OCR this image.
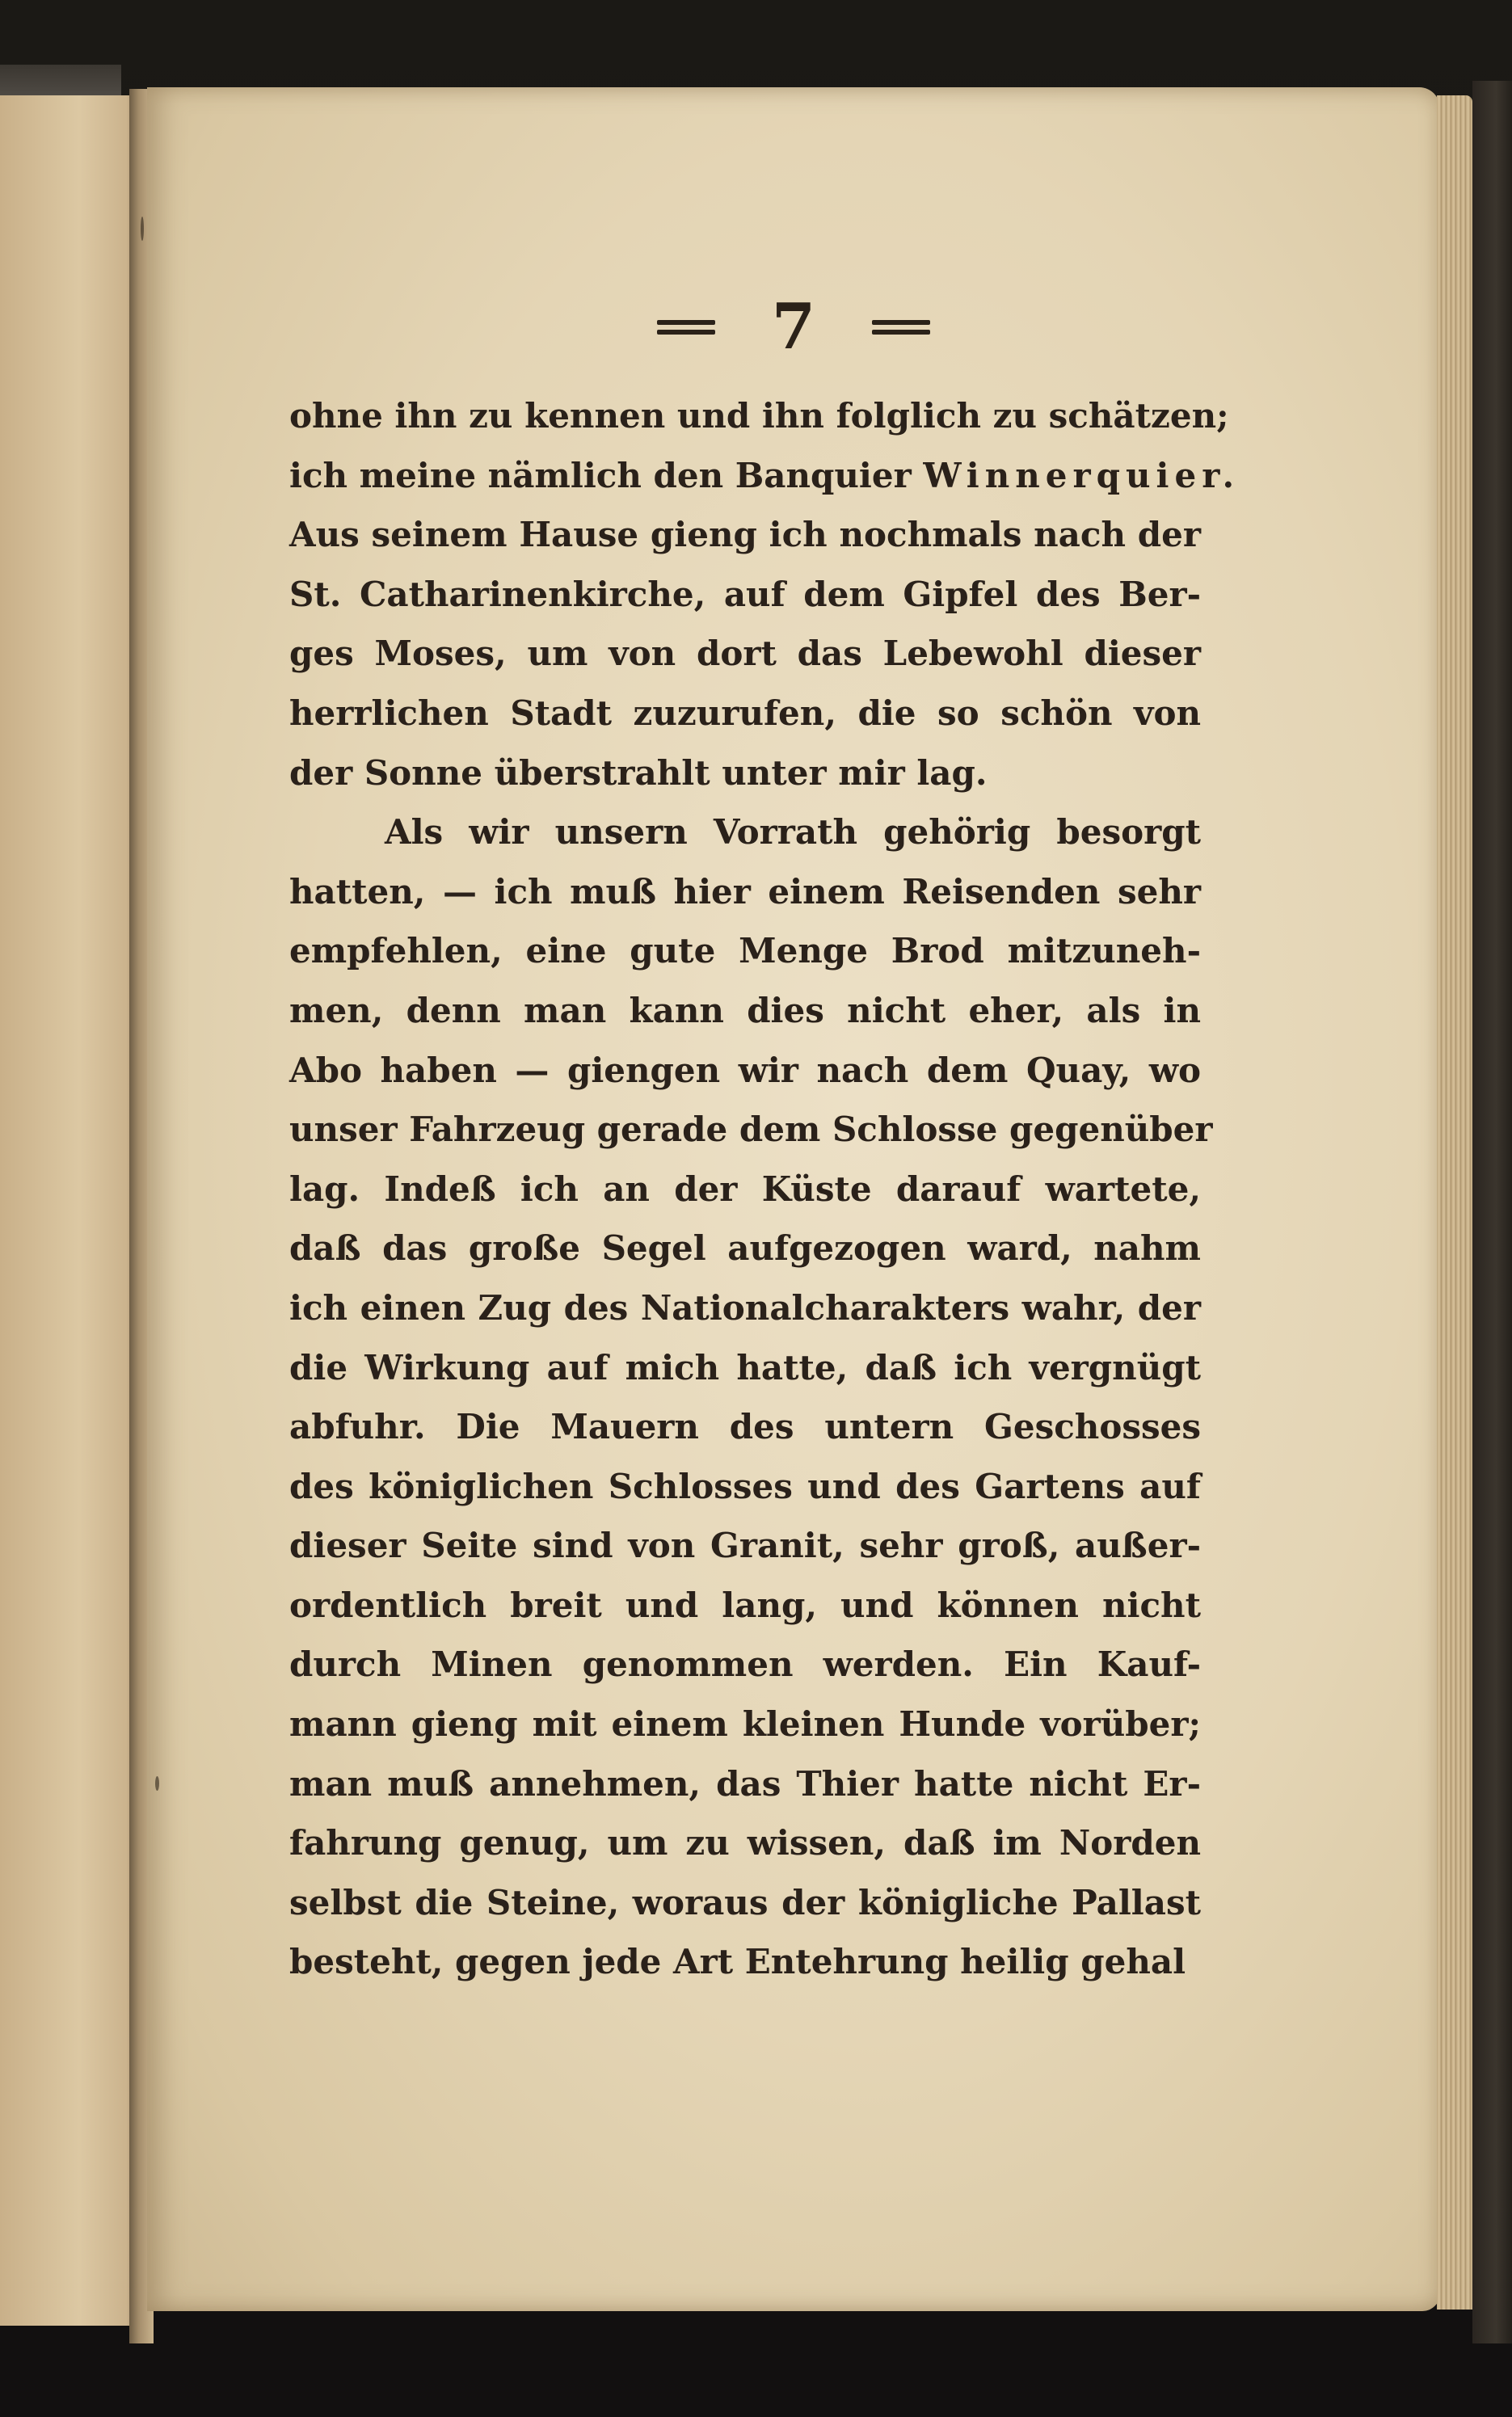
7
ohne ihn zu kennen und ihn folglich zu schätzen;
ich meine nämlich den Banquier Winnerquier.
Aus seinem Hause gieng ich nochmals nach der
St. Catharinenkirche, auf dem Gipfel des Ber-
ges Moses, um von dort das Lebewohl dieser
herrlichen Stadt zuzurufen, die so schön von
der Sonne überstrahlt unter mir lag.
Als wir unsern Vorrath gehörig besorgt
hatten, — ich muß hier einem Reisenden sehr
empfehlen, eine gute Menge Brod mitzuneh-
men, denn man kann dies nicht eher, als in
Abo haben — giengen wir nach dem Quay, wo
unser Fahrzeug gerade dem Schlosse gegenüber
lag. Indeß ich an der Küste darauf wartete,
daß das große Segel aufgezogen ward, nahm
ich einen Zug des Nationalcharakters wahr, der
die Wirkung auf mich hatte, daß ich vergnügt
abfuhr. Die Mauern des untern Geschosses
des königlichen Schlosses und des Gartens auf
dieser Seite sind von Granit, sehr groß, außer-
ordentlich breit und lang, und können nicht
durch Minen genommen werden. Ein Kauf-
mann gieng mit einem kleinen Hunde vorüber;
man muß annehmen, das Thier hatte nicht Er-
fahrung genug, um zu wissen, daß im Norden
selbst die Steine, woraus der königliche Pallast
besteht, gegen jede Art Entehrung heilig gehal
